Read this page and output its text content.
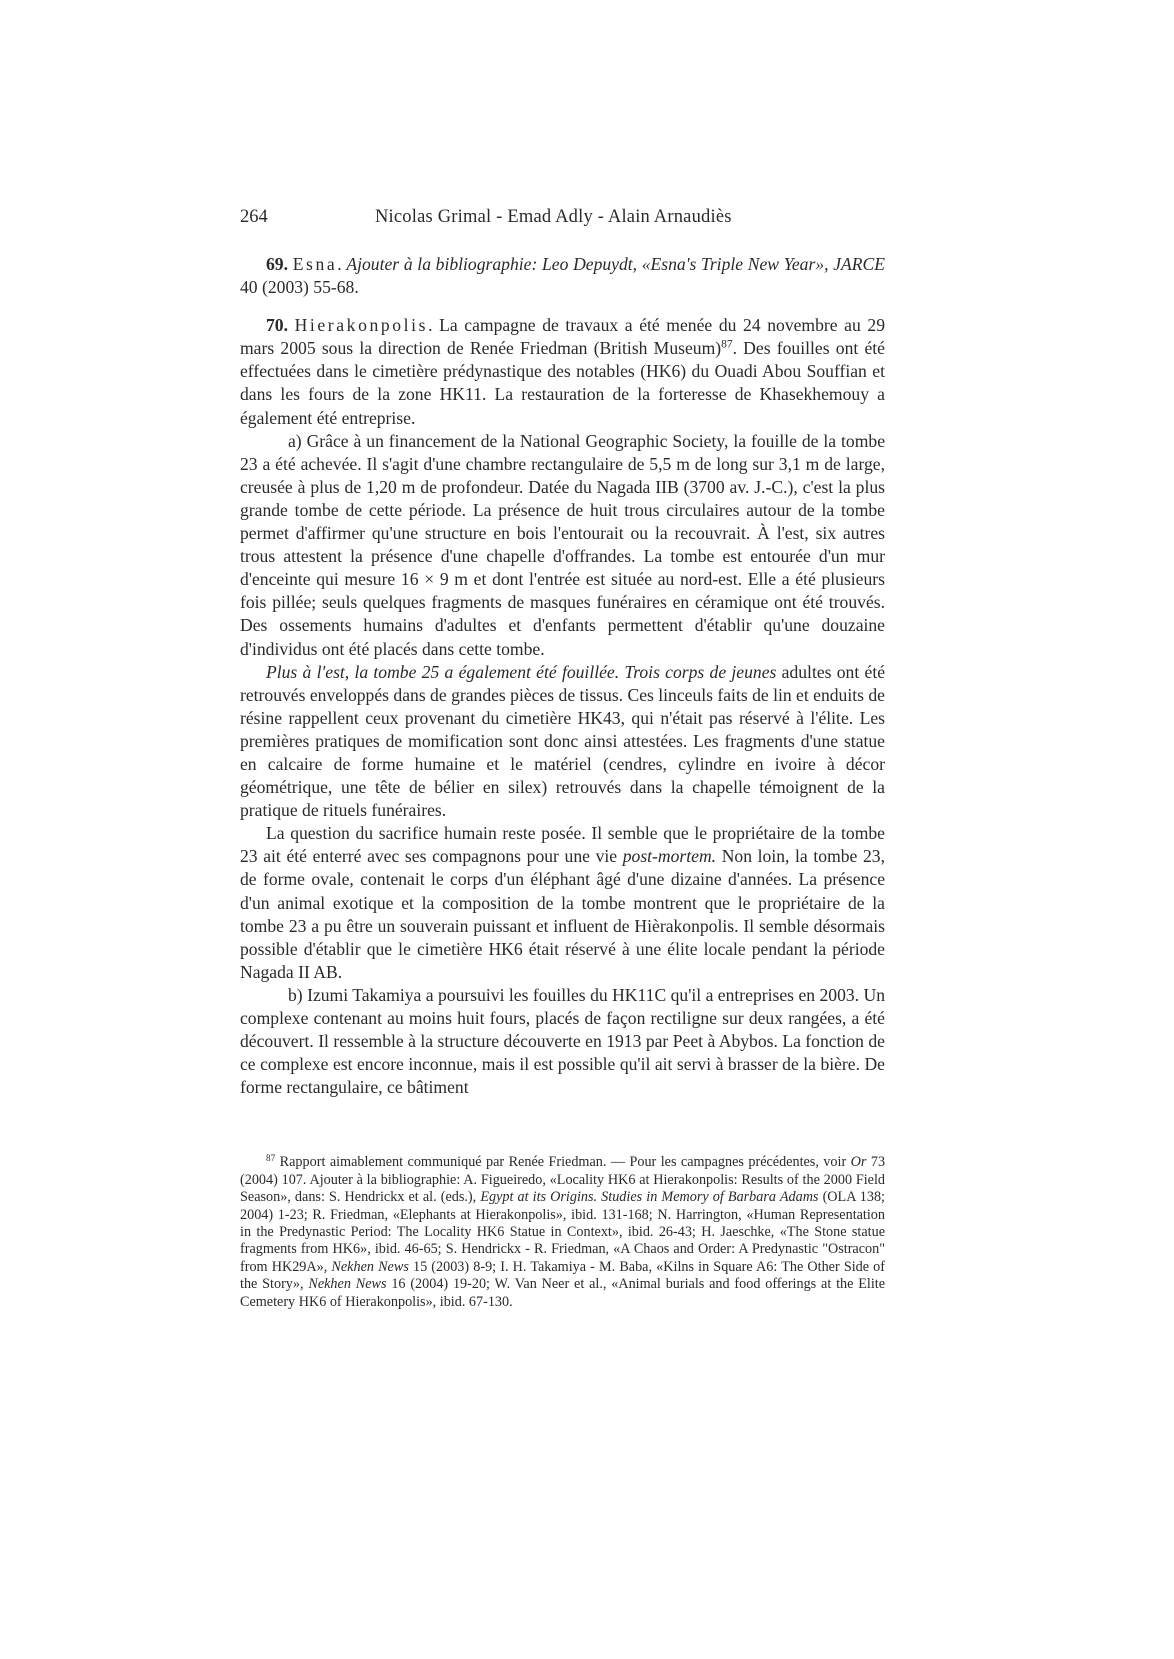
264	Nicolas Grimal - Emad Adly - Alain Arnaudiès

69. Esna. Ajouter à la bibliographie: Leo Depuydt, «Esna's Triple New Year», JARCE 40 (2003) 55-68.

70. Hierakonpolis. La campagne de travaux a été menée du 24 novembre au 29 mars 2005 sous la direction de Renée Friedman (British Museum)$^{87}$. Des fouilles ont été effectuées dans le cimetière prédynastique des notables (HK6) du Ouadi Abou Souffian et dans les fours de la zone HK11. La restauration de la forteresse de Khasekhemouy a également été entreprise.

a) Grâce à un financement de la National Geographic Society, la fouille de la tombe 23 a été achevée. Il s'agit d'une chambre rectangulaire de 5,5 m de long sur 3,1 m de large, creusée à plus de 1,20 m de profondeur. Datée du Nagada IIB (3700 av. J.-C.), c'est la plus grande tombe de cette période. La présence de huit trous circulaires autour de la tombe permet d'affirmer qu'une structure en bois l'entourait ou la recouvrait. À l'est, six autres trous attestent la présence d'une chapelle d'offrandes. La tombe est entourée d'un mur d'enceinte qui mesure 16 × 9 m et dont l'entrée est située au nord-est. Elle a été plusieurs fois pillée; seuls quelques fragments de masques funéraires en céramique ont été trouvés. Des ossements humains d'adultes et d'enfants permettent d'établir qu'une douzaine d'individus ont été placés dans cette tombe.

Plus à l'est, la tombe 25 a également été fouillée. Trois corps de jeunes adultes ont été retrouvés enveloppés dans de grandes pièces de tissus. Ces linceuls faits de lin et enduits de résine rappellent ceux provenant du cimetière HK43, qui n'était pas réservé à l'élite. Les premières pratiques de momification sont donc ainsi attestées. Les fragments d'une statue en calcaire de forme humaine et le matériel (cendres, cylindre en ivoire à décor géométrique, une tête de bélier en silex) retrouvés dans la chapelle témoignent de la pratique de rituels funéraires.

La question du sacrifice humain reste posée. Il semble que le propriétaire de la tombe 23 ait été enterré avec ses compagnons pour une vie post-mortem. Non loin, la tombe 23, de forme ovale, contenait le corps d'un éléphant âgé d'une dizaine d'années. La présence d'un animal exotique et la composition de la tombe montrent que le propriétaire de la tombe 23 a pu être un souverain puissant et influent de Hièrakonpolis. Il semble désormais possible d'établir que le cimetière HK6 était réservé à une élite locale pendant la période Nagada II AB.

b) Izumi Takamiya a poursuivi les fouilles du HK11C qu'il a entreprises en 2003. Un complexe contenant au moins huit fours, placés de façon rectiligne sur deux rangées, a été découvert. Il ressemble à la structure découverte en 1913 par Peet à Abybos. La fonction de ce complexe est encore inconnue, mais il est possible qu'il ait servi à brasser de la bière. De forme rectangulaire, ce bâtiment

$^{87}$ Rapport aimablement communiqué par Renée Friedman. — Pour les campagnes précédentes, voir Or 73 (2004) 107. Ajouter à la bibliographie: A. Figueiredo, «Locality HK6 at Hierakonpolis: Results of the 2000 Field Season», dans: S. Hendrickx et al. (eds.), Egypt at its Origins. Studies in Memory of Barbara Adams (OLA 138; 2004) 1-23; R. Friedman, «Elephants at Hierakonpolis», ibid. 131-168; N. Harrington, «Human Representation in the Predynastic Period: The Locality HK6 Statue in Context», ibid. 26-43; H. Jaeschke, «The Stone statue fragments from HK6», ibid. 46-65; S. Hendrickx - R. Friedman, «A Chaos and Order: A Predynastic "Ostracon" from HK29A», Nekhen News 15 (2003) 8-9; I. H. Takamiya - M. Baba, «Kilns in Square A6: The Other Side of the Story», Nekhen News 16 (2004) 19-20; W. Van Neer et al., «Animal burials and food offerings at the Elite Cemetery HK6 of Hierakonpolis», ibid. 67-130.
